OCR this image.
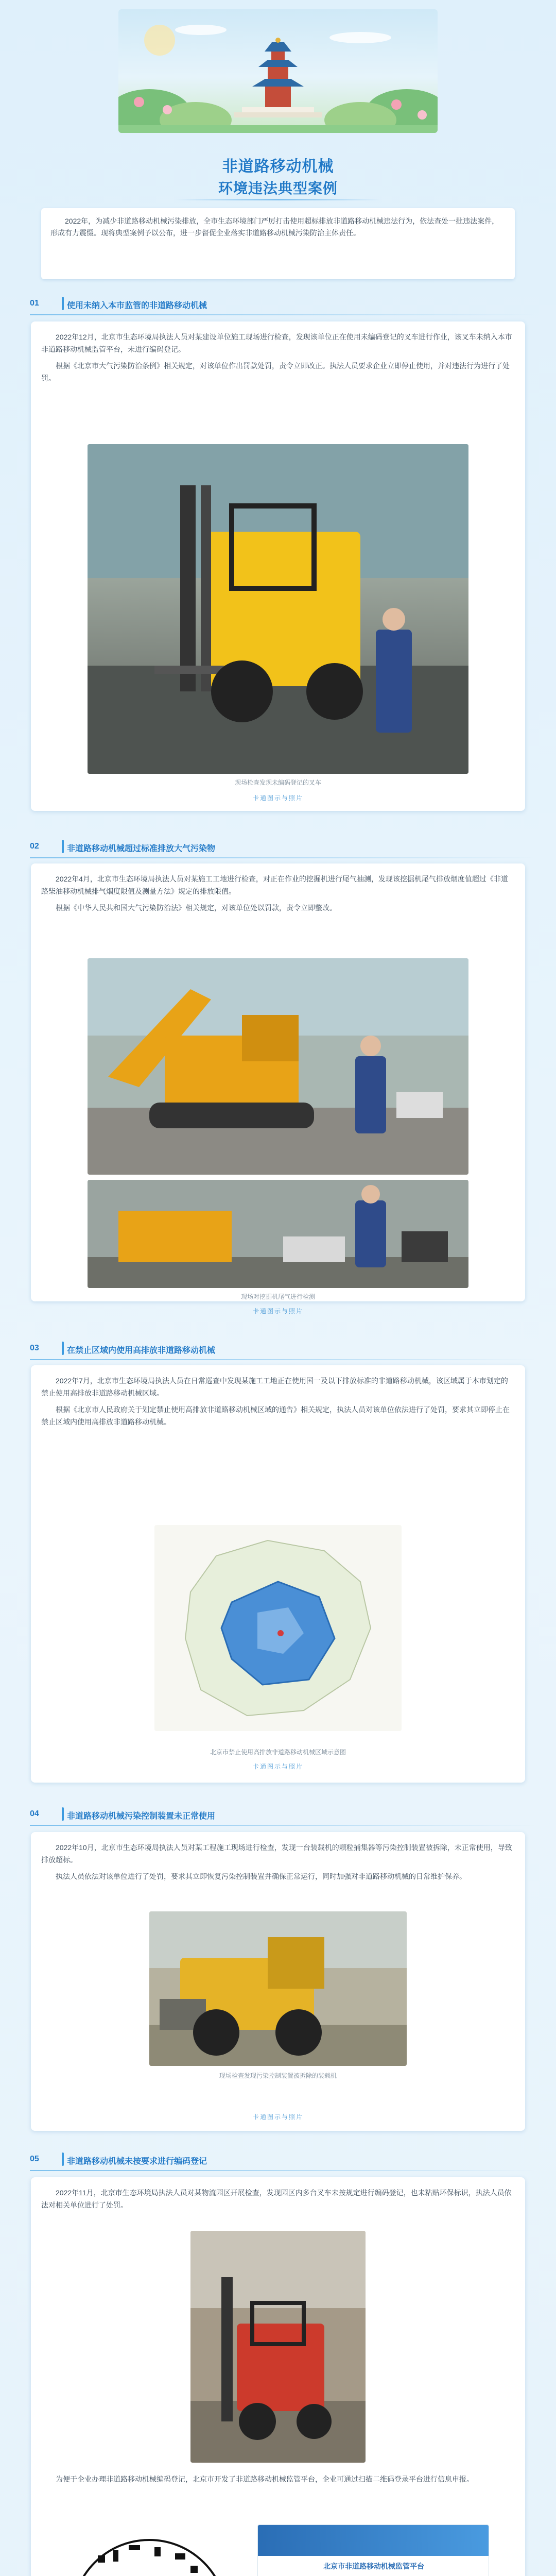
非道路移动机械
环境违法典型案例
2022年，为减少非道路移动机械污染排放，全市生态环境部门严厉打击使用超标排放非道路移动机械违法行为，依法查处一批违法案件，形成有力震慑。现将典型案例予以公布，进一步督促企业落实非道路移动机械污染防治主体责任。
01	使用未纳入本市监管的非道路移动机械

2022年12月，北京市生态环境局执法人员对某建设单位施工现场进行检查，发现该单位正在使用未编码登记的叉车进行作业，该叉车未纳入本市非道路移动机械监管平台，未进行编码登记。

根据《北京市大气污染防治条例》相关规定，对该单位作出罚款处罚，责令立即改正。执法人员要求企业立即停止使用，并对违法行为进行了处罚。

现场检查发现未编码登记的叉车
卡通图示与照片
02	非道路移动机械超过标准排放大气污染物

2022年4月，北京市生态环境局执法人员对某施工工地进行检查，对正在作业的挖掘机进行尾气抽测，发现该挖掘机尾气排放烟度值超过《非道路柴油移动机械排气烟度限值及测量方法》规定的排放限值。

根据《中华人民共和国大气污染防治法》相关规定，对该单位处以罚款，责令立即整改。

现场对挖掘机尾气进行检测
卡通图示与照片
03	在禁止区域内使用高排放非道路移动机械

2022年7月，北京市生态环境局执法人员在日常巡查中发现某施工工地正在使用国一及以下排放标准的非道路移动机械，该区域属于本市划定的禁止使用高排放非道路移动机械区域。

根据《北京市人民政府关于划定禁止使用高排放非道路移动机械区域的通告》相关规定，执法人员对该单位依法进行了处罚，要求其立即停止在禁止区域内使用高排放非道路移动机械。

北京市禁止使用高排放非道路移动机械区域示意图
卡通图示与照片
04	非道路移动机械污染控制装置未正常使用

2022年10月，北京市生态环境局执法人员对某工程施工现场进行检查，发现一台装载机的颗粒捕集器等污染控制装置被拆除，未正常使用，导致排放超标。

执法人员依法对该单位进行了处罚，要求其立即恢复污染控制装置并确保正常运行，同时加强对非道路移动机械的日常维护保养。

现场检查发现污染控制装置被拆除的装载机
卡通图示与照片
05	非道路移动机械未按要求进行编码登记

2022年11月，北京市生态环境局执法人员对某物流园区开展检查，发现园区内多台叉车未按规定进行编码登记，也未粘贴环保标识，执法人员依法对相关单位进行了处罚。

为便于企业办理非道路移动机械编码登记，北京市开发了非道路移动机械监管平台，企业可通过扫描二维码登录平台进行信息申报。

北京市非道路移动机械监管平台
